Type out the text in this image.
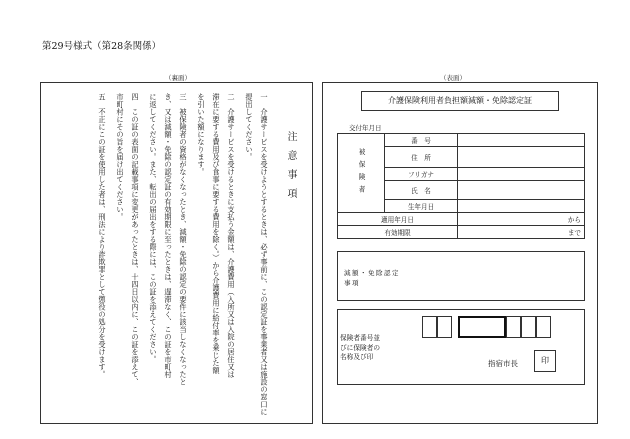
第29号様式（第28条関係）
（裏面）
注意事項
一　介護サービスを受けようとするときは、必ず事前に、この認定証を事業者又は施設の窓口に
提出してください。
二　介護サービスを受けるときに支払う金額は、介護費用（入所又は入院の居住又は
滞在に要する費用及び食事に要する費用を除く。）から介護費用に給付率を乗じた額
を引いた額になります。
三　被保険者の資格がなくなったとき、減額・免除の認定の要件に該当しなくなったと
き、又は減額・免除の認定証の有効期限に至ったときは、遅滞なく、この証を市町村
に返してください。また、転出の届出をする際には、この証を添えてください。
四　この証の表面の記載事項に変更があったときは、十四日以内に、この証を添えて、
市町村にその旨を届け出てください。
五　不正にこの証を使用した者は、刑法により詐欺罪として懲役の処分を受けます。
（表面）
介護保険利用者負担額減額・免除認定証
交付年月日
被保険者	番　号	
	住　所	
	フリガナ	
	氏　名	
	生年月日	
適用年月日		から
有効期限		まで
減額・免除認定事項
保険者番号並びに保険者の名称及び印
指宿市長	印
